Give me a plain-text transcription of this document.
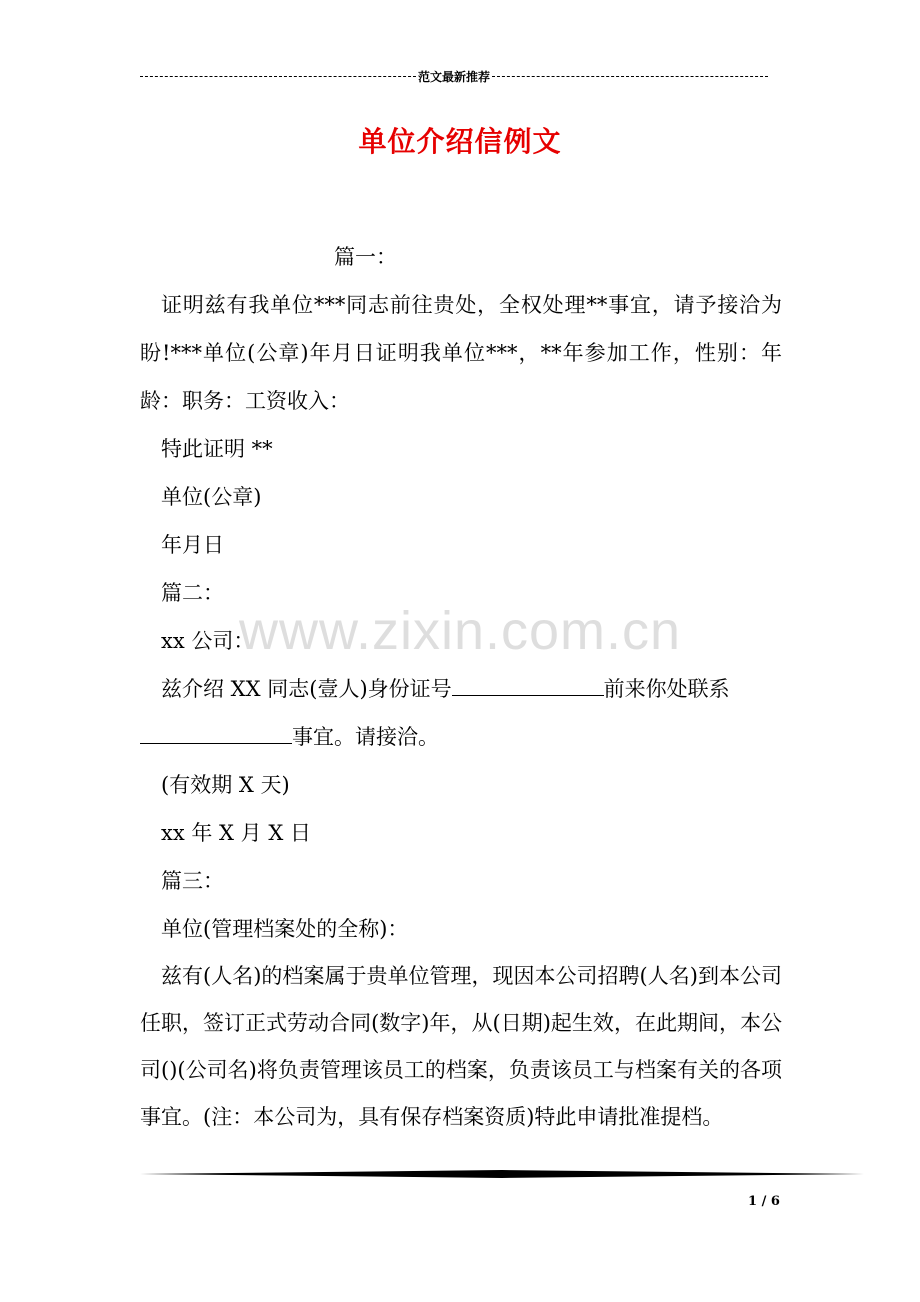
范文最新推荐
单位介绍信例文
www.zixin.com.cn

篇一：

证明兹有我单位***同志前往贵处，全权处理**事宜，请予接洽为盼!***单位(公章)年月日证明我单位***，**年参加工作，性别：年龄：职务：工资收入：

特此证明 **

单位(公章)

年月日

篇二：

xx 公司：

兹介绍 XX 同志(壹人)身份证号	前来你处联系

事宜。请接洽。

(有效期 X 天)

xx 年 X 月 X 日

篇三：

单位(管理档案处的全称)：

兹有(人名)的档案属于贵单位管理，现因本公司招聘(人名)到本公司任职，签订正式劳动合同(数字)年，从(日期)起生效，在此期间，本公司()(公司名)将负责管理该员工的档案，负责该员工与档案有关的各项事宜。(注：本公司为，具有保存档案资质)特此申请批准提档。

1 / 6
